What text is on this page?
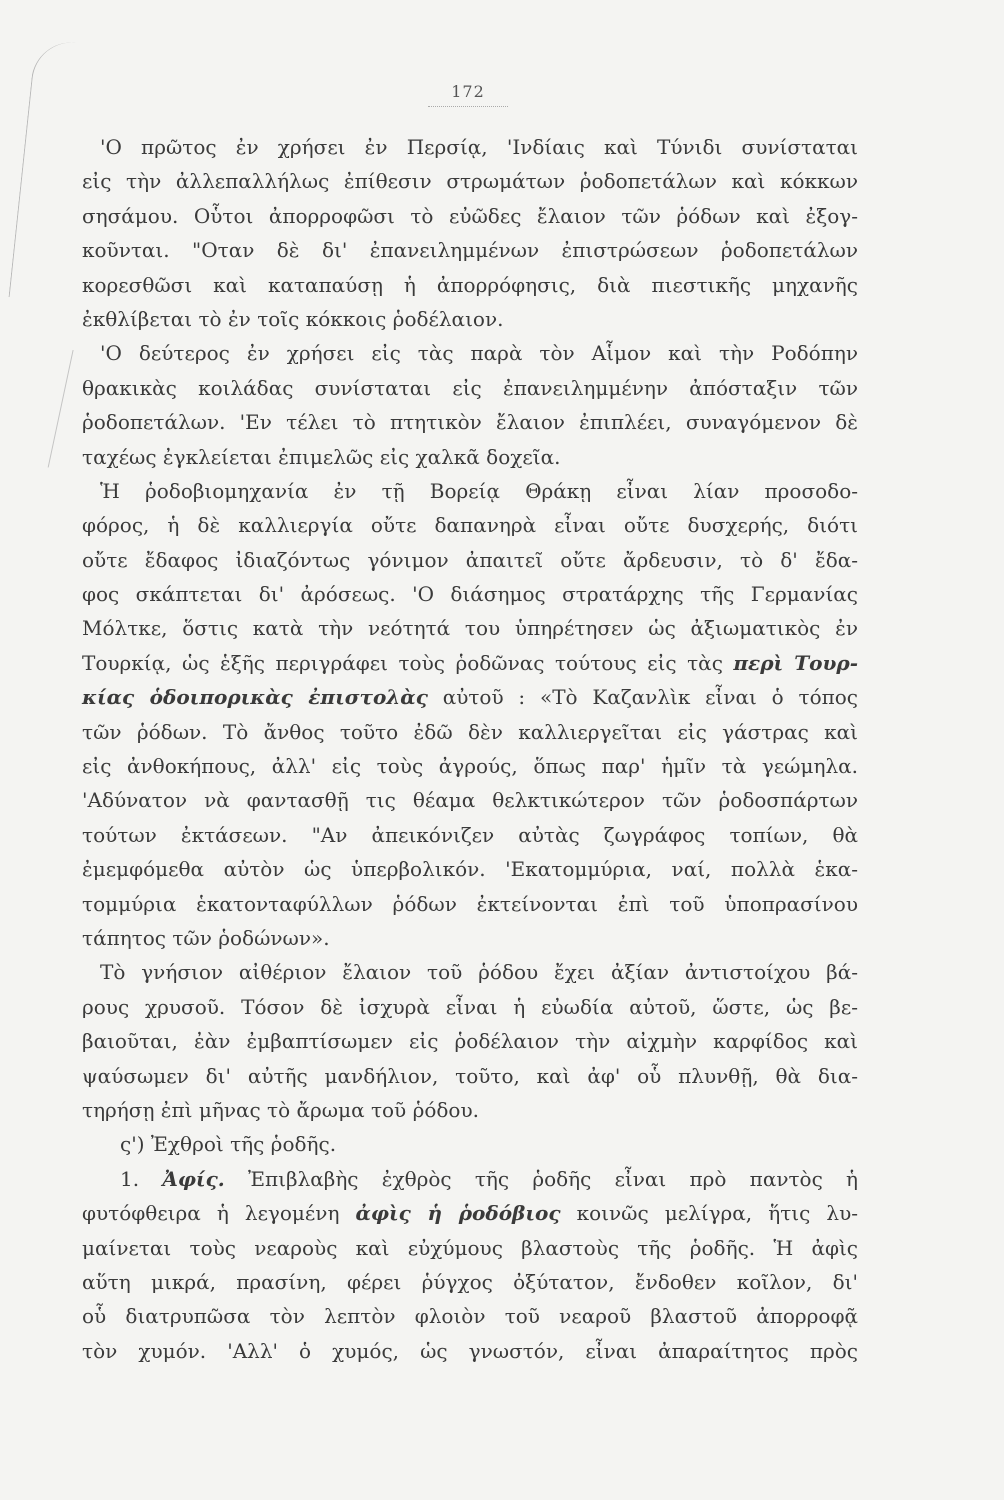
172
'Ο πρῶτος ἐν χρήσει ἐν Περσίᾳ, 'Ινδίαις καὶ Τύνιδι συνίσταται
εἰς τὴν ἀλλεπαλλήλως ἐπίθεσιν στρωμάτων ῥοδοπετάλων καὶ κόκκων
σησάμου. Οὗτοι ἀπορροφῶσι τὸ εὐῶδες ἔλαιον τῶν ῥόδων καὶ ἐξογ-
κοῦνται. "Οταν δὲ δι' ἐπανειλημμένων ἐπιστρώσεων ῥοδοπετάλων
κορεσθῶσι καὶ καταπαύσῃ ἡ ἀπορρόφησις, διὰ πιεστικῆς μηχανῆς
ἐκθλίβεται τὸ ἐν τοῖς κόκκοις ῥοδέλαιον.
'Ο δεύτερος ἐν χρήσει εἰς τὰς παρὰ τὸν Αἷμον καὶ τὴν Ροδόπην
θρακικὰς κοιλάδας συνίσταται εἰς ἐπανειλημμένην ἀπόσταξιν τῶν
ῥοδοπετάλων. 'Εν τέλει τὸ πτητικὸν ἔλαιον ἐπιπλέει, συναγόμενον δὲ
ταχέως ἐγκλείεται ἐπιμελῶς εἰς χαλκᾶ δοχεῖα.
Ἡ ῥοδοβιομηχανία ἐν τῇ Βορείᾳ Θράκῃ εἶναι λίαν προσοδο-
φόρος, ἡ δὲ καλλιεργία οὔτε δαπανηρὰ εἶναι οὔτε δυσχερής, διότι
οὔτε ἔδαφος ἰδιαζόντως γόνιμον ἀπαιτεῖ οὔτε ἄρδευσιν, τὸ δ' ἔδα-
φος σκάπτεται δι' ἀρόσεως. 'Ο διάσημος στρατάρχης τῆς Γερμανίας
Μόλτκε, ὅστις κατὰ τὴν νεότητά του ὑπηρέτησεν ὡς ἀξιωματικὸς ἐν
Τουρκίᾳ, ὡς ἑξῆς περιγράφει τοὺς ῥοδῶνας τούτους εἰς τὰς περὶ Τουρ-
κίας ὁδοιπορικὰς ἐπιστολὰς αὐτοῦ : «Τὸ Καζανλὶκ εἶναι ὁ τόπος
τῶν ῥόδων. Τὸ ἄνθος τοῦτο ἐδῶ δὲν καλλιεργεῖται εἰς γάστρας καὶ
εἰς ἀνθοκήπους, ἀλλ' εἰς τοὺς ἀγρούς, ὅπως παρ' ἡμῖν τὰ γεώμηλα.
'Αδύνατον νὰ φαντασθῇ τις θέαμα θελκτικώτερον τῶν ῥοδοσπάρτων
τούτων ἐκτάσεων. "Αν ἀπεικόνιζεν αὐτὰς ζωγράφος τοπίων, θὰ
ἐμεμφόμεθα αὐτὸν ὡς ὑπερβολικόν. 'Εκατομμύρια, ναί, πολλὰ ἑκα-
τομμύρια ἑκατονταφύλλων ῥόδων ἐκτείνονται ἐπὶ τοῦ ὑποπρασίνου
τάπητος τῶν ῥοδώνων».
Τὸ γνήσιον αἰθέριον ἔλαιον τοῦ ῥόδου ἔχει ἀξίαν ἀντιστοίχου βά-
ρους χρυσοῦ. Τόσον δὲ ἰσχυρὰ εἶναι ἡ εὐωδία αὐτοῦ, ὥστε, ὡς βε-
βαιοῦται, ἐὰν ἐμβαπτίσωμεν εἰς ῥοδέλαιον τὴν αἰχμὴν καρφίδος καὶ
ψαύσωμεν δι' αὐτῆς μανδήλιον, τοῦτο, καὶ ἀφ' οὗ πλυνθῇ, θὰ δια-
τηρήσῃ ἐπὶ μῆνας τὸ ἄρωμα τοῦ ῥόδου.
ς') Ἐχθροὶ τῆς ῥοδῆς.
1. Ἀφίς. Ἐπιβλαβὴς ἐχθρὸς τῆς ῥοδῆς εἶναι πρὸ παντὸς ἡ
φυτόφθειρα ἡ λεγομένη ἀφὶς ἡ ῥοδόβιος κοινῶς μελίγρα, ἥτις λυ-
μαίνεται τοὺς νεαροὺς καὶ εὐχύμους βλαστοὺς τῆς ῥοδῆς. Ἡ ἀφὶς
αὕτη μικρά, πρασίνη, φέρει ῥύγχος ὀξύτατον, ἔνδοθεν κοῖλον, δι'
οὗ διατρυπῶσα τὸν λεπτὸν φλοιὸν τοῦ νεαροῦ βλαστοῦ ἀπορροφᾷ
τὸν χυμόν. 'Αλλ' ὁ χυμός, ὡς γνωστόν, εἶναι ἀπαραίτητος πρὸς
